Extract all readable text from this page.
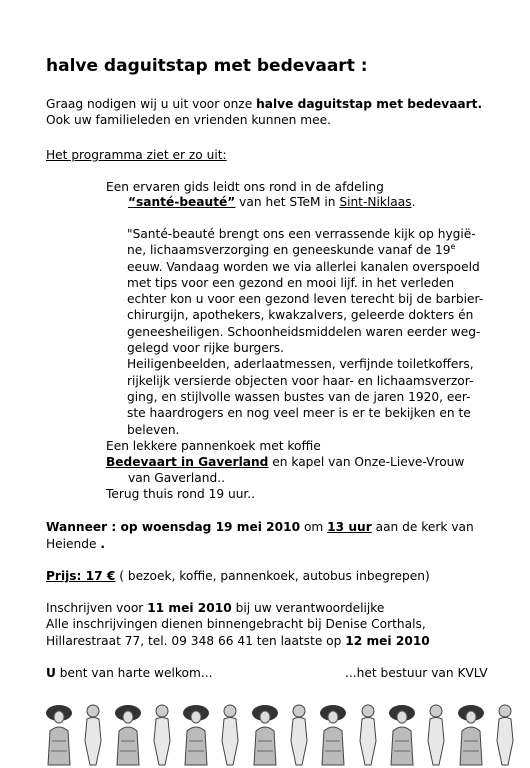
halve daguitstap met bedevaart :
Graag nodigen wij u uit voor onze halve daguitstap met bedevaart.
Ook uw familieleden en vrienden kunnen mee.
Het programma ziet er zo uit:
Een ervaren gids leidt ons rond in de afdeling
“santé-beauté” van het STeM in Sint-Niklaas.
"Santé-beauté brengt ons een verrassende kijk op hygië-
ne, lichaamsverzorging en geneeskunde vanaf de 19e
eeuw. Vandaag worden we via allerlei kanalen overspoeld
met tips voor een gezond en mooi lijf. in het verleden
echter kon u voor een gezond leven terecht bij de barbier-
chirurgijn, apothekers, kwakzalvers, geleerde dokters én
geneesheiligen. Schoonheidsmiddelen waren eerder weg-
gelegd voor rijke burgers.
Heiligenbeelden, aderlaatmessen, verfijnde toiletkoffers,
rijkelijk versierde objecten voor haar- en lichaamsverzor-
ging, en stijlvolle wassen bustes van de jaren 1920, eer-
ste haardrogers en nog veel meer is er te bekijken en te
beleven.
Een lekkere pannenkoek met koffie
Bedevaart in Gaverland en kapel van Onze-Lieve-Vrouw
van Gaverland..
Terug thuis rond 19 uur..
Wanneer : op woensdag 19 mei 2010 om 13 uur aan de kerk van
Heiende .
Prijs: 17 € ( bezoek, koffie, pannenkoek, autobus inbegrepen)
Inschrijven voor 11 mei 2010 bij uw verantwoordelijke
Alle inschrijvingen dienen binnengebracht bij Denise Corthals,
Hillarestraat 77, tel. 09 348 66 41 ten laatste op 12 mei 2010
U bent van harte welkom...	...het bestuur van KVLV
